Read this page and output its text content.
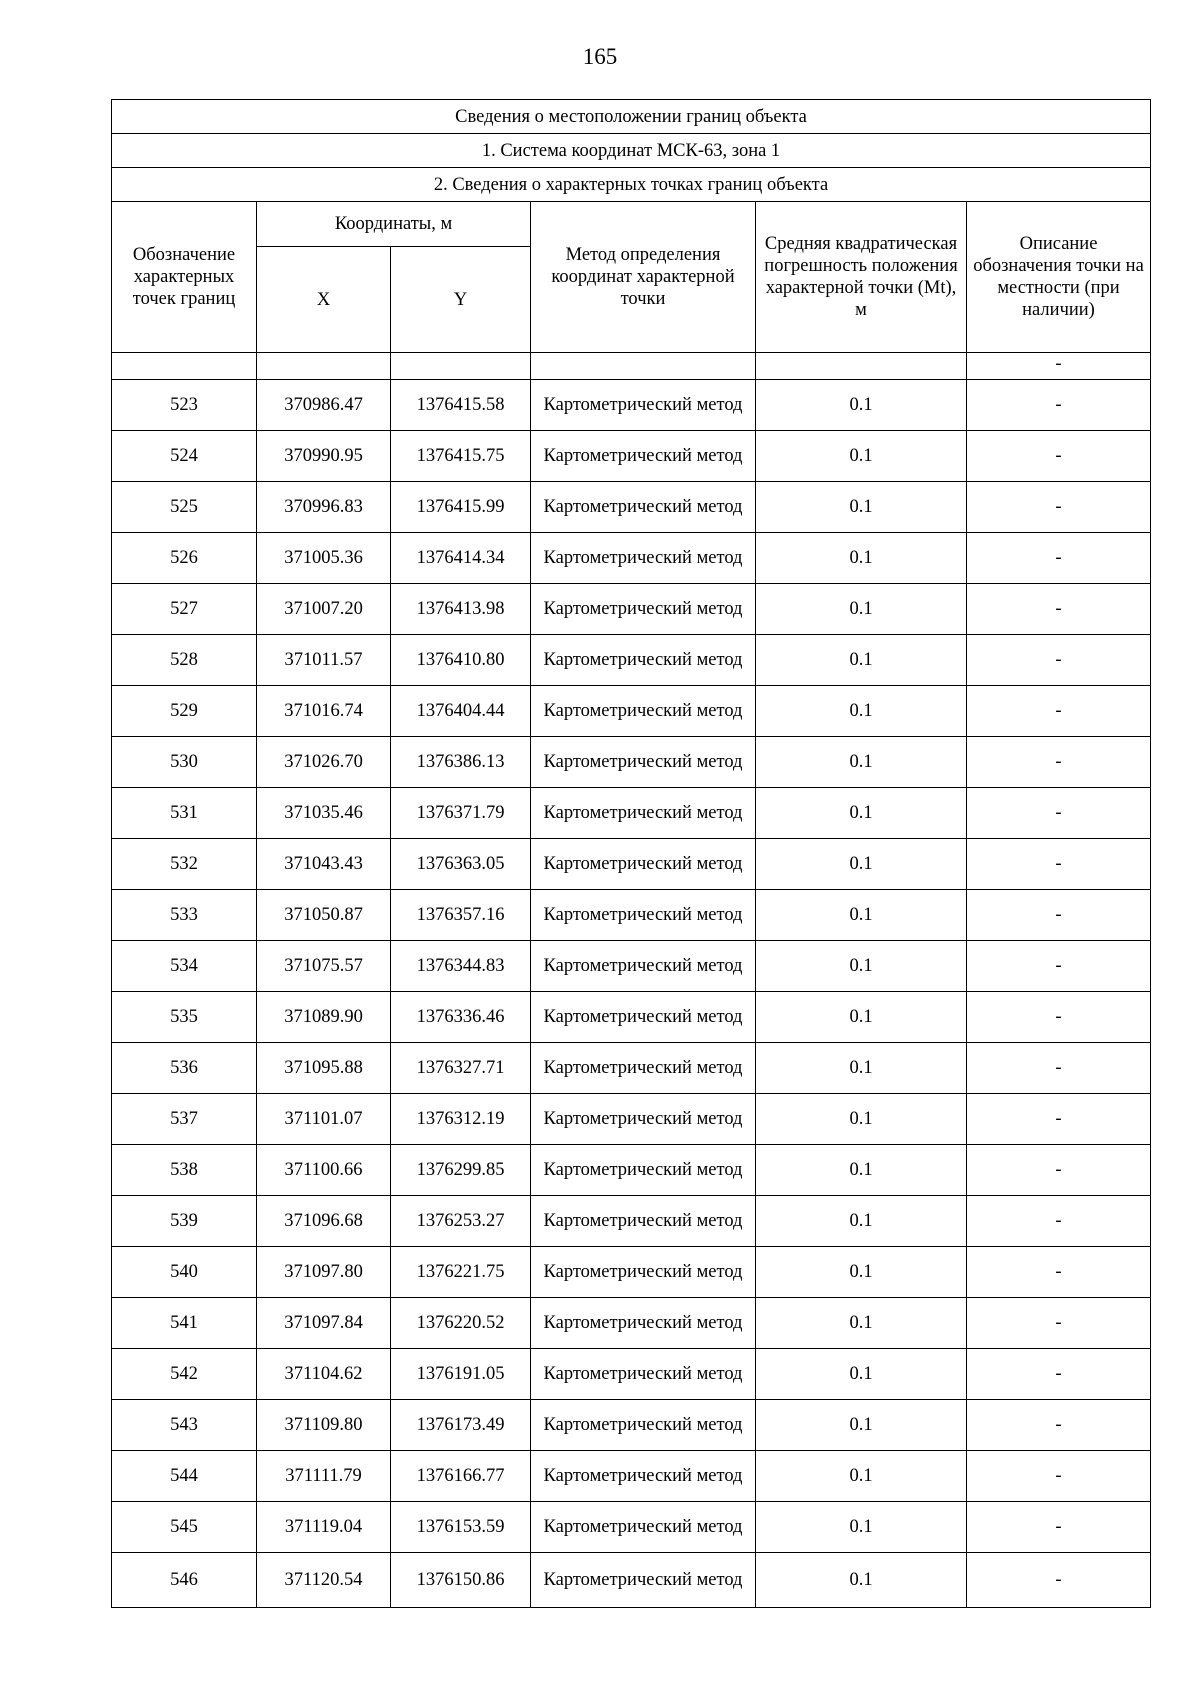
165
Сведения о местоположении границ объекта					
1. Система координат МСК-63, зона 1					
2. Сведения о характерных точках границ объекта					
Обозначение характерных точек границ	Координаты, м		Метод определения координат характерной точки	Средняя квадратическая погрешность положения характерной точки (Mt), м	Описание обозначения точки на местности (при наличии)
	X	Y			
					-
523	370986.47	1376415.58	Картометрический метод	0.1	-
524	370990.95	1376415.75	Картометрический метод	0.1	-
525	370996.83	1376415.99	Картометрический метод	0.1	-
526	371005.36	1376414.34	Картометрический метод	0.1	-
527	371007.20	1376413.98	Картометрический метод	0.1	-
528	371011.57	1376410.80	Картометрический метод	0.1	-
529	371016.74	1376404.44	Картометрический метод	0.1	-
530	371026.70	1376386.13	Картометрический метод	0.1	-
531	371035.46	1376371.79	Картометрический метод	0.1	-
532	371043.43	1376363.05	Картометрический метод	0.1	-
533	371050.87	1376357.16	Картометрический метод	0.1	-
534	371075.57	1376344.83	Картометрический метод	0.1	-
535	371089.90	1376336.46	Картометрический метод	0.1	-
536	371095.88	1376327.71	Картометрический метод	0.1	-
537	371101.07	1376312.19	Картометрический метод	0.1	-
538	371100.66	1376299.85	Картометрический метод	0.1	-
539	371096.68	1376253.27	Картометрический метод	0.1	-
540	371097.80	1376221.75	Картометрический метод	0.1	-
541	371097.84	1376220.52	Картометрический метод	0.1	-
542	371104.62	1376191.05	Картометрический метод	0.1	-
543	371109.80	1376173.49	Картометрический метод	0.1	-
544	371111.79	1376166.77	Картометрический метод	0.1	-
545	371119.04	1376153.59	Картометрический метод	0.1	-
546	371120.54	1376150.86	Картометрический метод	0.1	-
